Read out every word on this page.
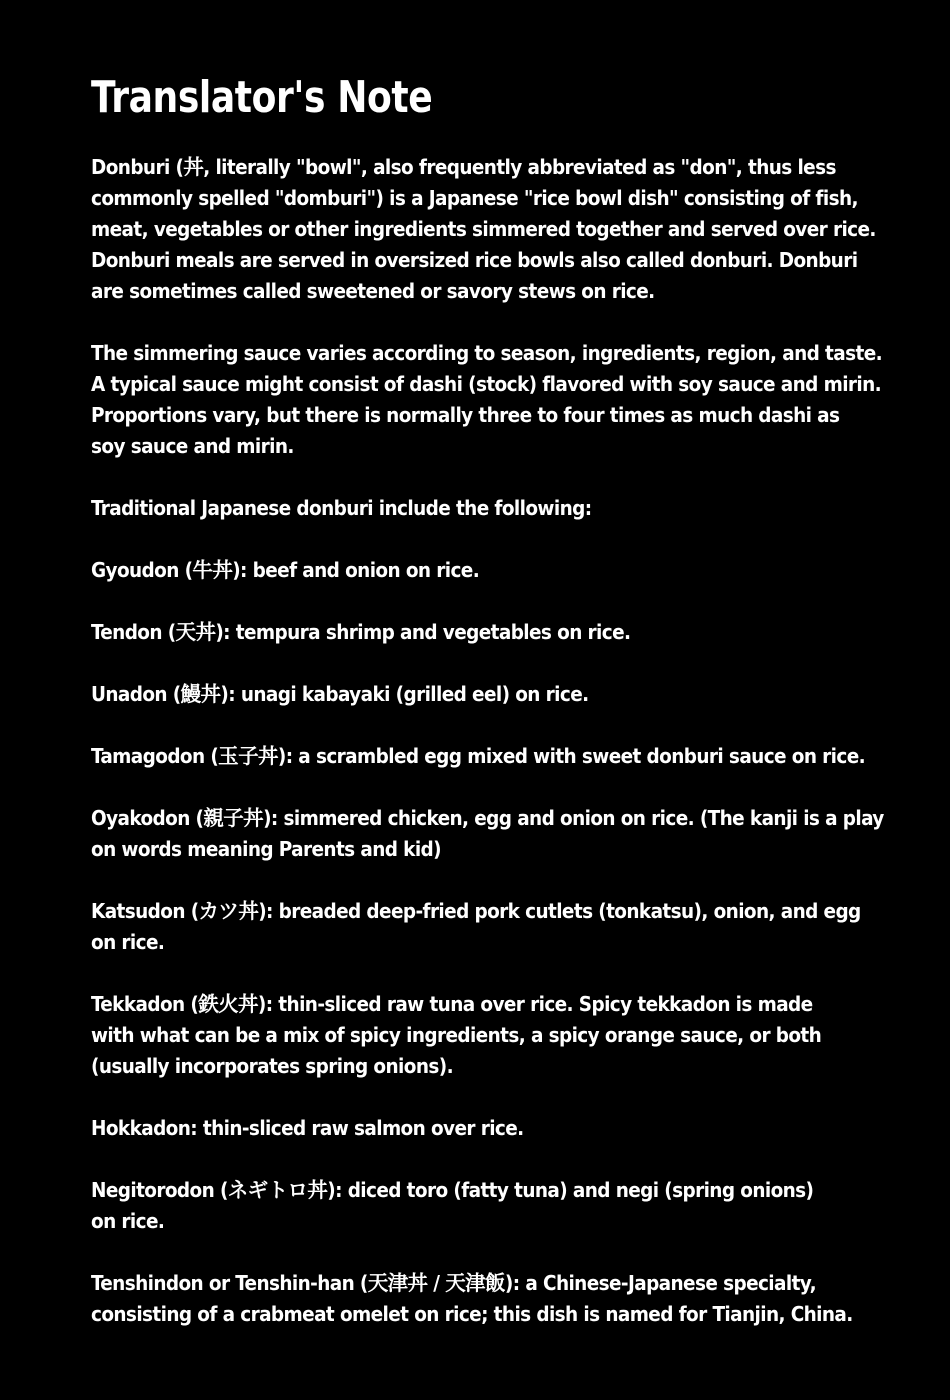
Translator's Note

Donburi (丼, literally "bowl", also frequently abbreviated as "don", thus less
commonly spelled "domburi") is a Japanese "rice bowl dish" consisting of fish,
meat, vegetables or other ingredients simmered together and served over rice.
Donburi meals are served in oversized rice bowls also called donburi. Donburi
are sometimes called sweetened or savory stews on rice.

The simmering sauce varies according to season, ingredients, region, and taste.
A typical sauce might consist of dashi (stock) flavored with soy sauce and mirin.
Proportions vary, but there is normally three to four times as much dashi as
soy sauce and mirin.

Traditional Japanese donburi include the following:

Gyoudon (牛丼): beef and onion on rice.

Tendon (天丼): tempura shrimp and vegetables on rice.

Unadon (鰻丼): unagi kabayaki (grilled eel) on rice.

Tamagodon (玉子丼): a scrambled egg mixed with sweet donburi sauce on rice.

Oyakodon (親子丼): simmered chicken, egg and onion on rice. (The kanji is a play
on words meaning Parents and kid)

Katsudon (カツ丼): breaded deep-fried pork cutlets (tonkatsu), onion, and egg
on rice.

Tekkadon (鉄火丼): thin-sliced raw tuna over rice. Spicy tekkadon is made
with what can be a mix of spicy ingredients, a spicy orange sauce, or both
(usually incorporates spring onions).

Hokkadon: thin-sliced raw salmon over rice.

Negitorodon (ネギトロ丼): diced toro (fatty tuna) and negi (spring onions)
on rice.

Tenshindon or Tenshin-han (天津丼 / 天津飯): a Chinese-Japanese specialty,
consisting of a crabmeat omelet on rice; this dish is named for Tianjin, China.
